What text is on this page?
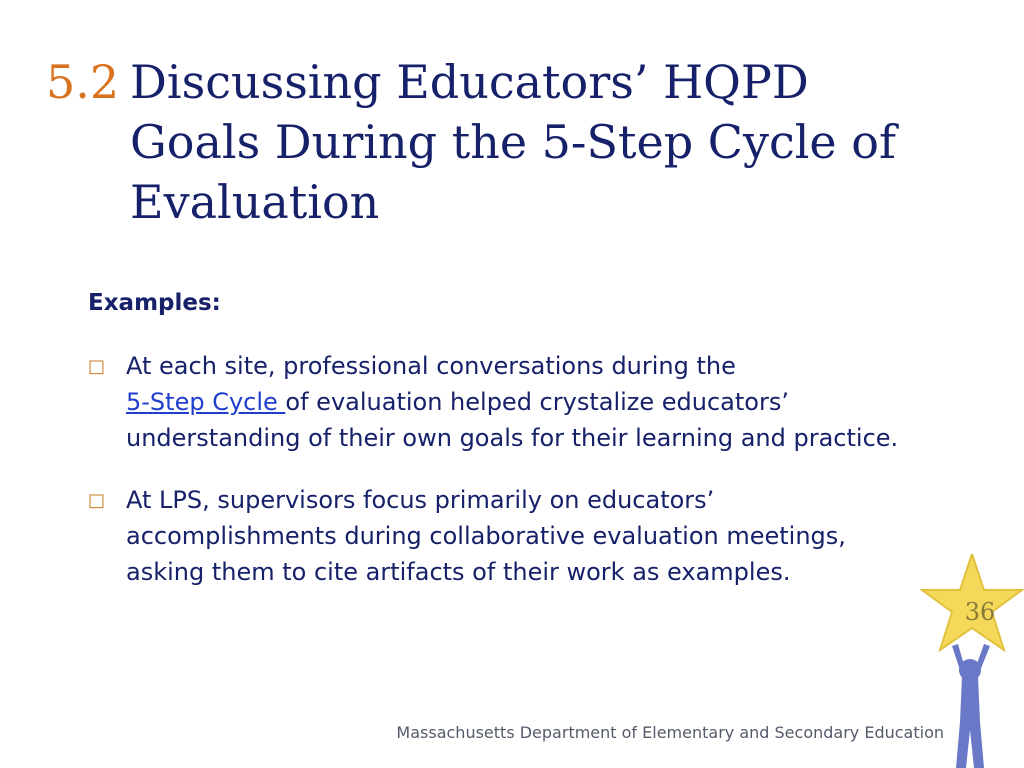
5.2 Discussing Educators’ HQPD Goals During the 5-Step Cycle of Evaluation
Examples:
□ At each site, professional conversations during the
5-Step Cycle of evaluation helped crystalize educators’ understanding of their own goals for their learning and practice.
□ At LPS, supervisors focus primarily on educators’ accomplishments during collaborative evaluation meetings, asking them to cite artifacts of their work as examples.
36
Massachusetts Department of Elementary and Secondary Education
